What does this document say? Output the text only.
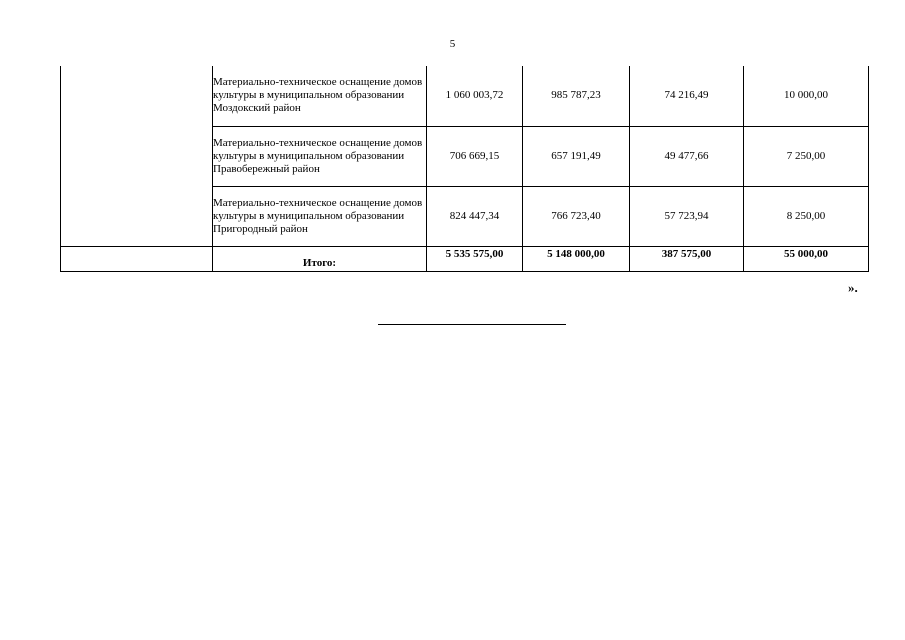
5
	Материально-техническое оснащение домов культуры в муниципальном образовании Моздокский район	1 060 003,72	985 787,23	74 216,49	10 000,00
	Материально-техническое оснащение домов культуры в муниципальном образовании Правобережный район	706 669,15	657 191,49	49 477,66	7 250,00
	Материально-техническое оснащение домов культуры в муниципальном образовании Пригородный район	824 447,34	766 723,40	57 723,94	8 250,00
	Итого:	5 535 575,00	5 148 000,00	387 575,00	55 000,00
».
